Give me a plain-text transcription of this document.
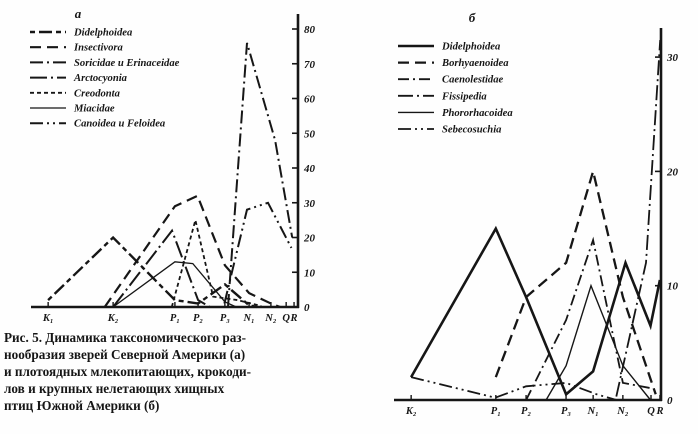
0
10
20
30
40
50
60
70
80
K₁	K₂	P₁ P₂ P₃ N₁ N₂ Q R
а
Didelphoidea
Insectivora
Soricidae и Erinaceidae
Arctocyonia
Creodonta
Miacidae
Canoidea и Feloidea
0
10
20
30
K₂	P₁ P₂	P₃ N₁ N₂ Q R
б
Didelphoidea
Borhyaenoidea
Caenolestidae
Fissipedia
Phororhacoidea
Sebecosuchia
Рис. 5. Динамика таксономического раз-
нообразия зверей Северной Америки (а)
и плотоядных млекопитающих, крокоди-
лов и крупных нелетающих хищных
птиц Южной Америки (б)
